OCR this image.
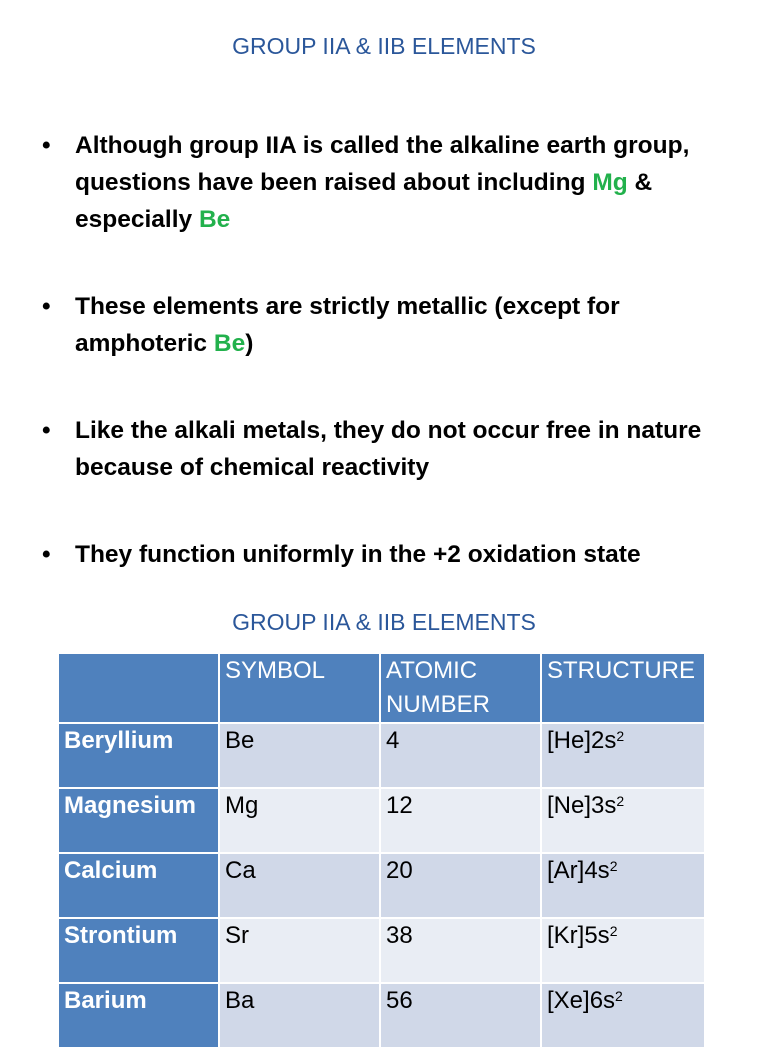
GROUP IIA & IIB ELEMENTS
• Although group IIA is called the alkaline earth group, questions have been raised about including Mg & especially Be
• These elements are strictly metallic (except for amphoteric Be)
• Like the alkali metals, they do not occur free in nature because of chemical reactivity
• They function uniformly in the +2 oxidation state
GROUP IIA & IIB ELEMENTS
	SYMBOL	ATOMIC NUMBER	STRUCTURE
Beryllium	Be	4	$[He]2s^2$
Magnesium	Mg	12	$[Ne]3s^2$
Calcium	Ca	20	$[Ar]4s^2$
Strontium	Sr	38	$[Kr]5s^2$
Barium	Ba	56	$[Xe]6s^2$
